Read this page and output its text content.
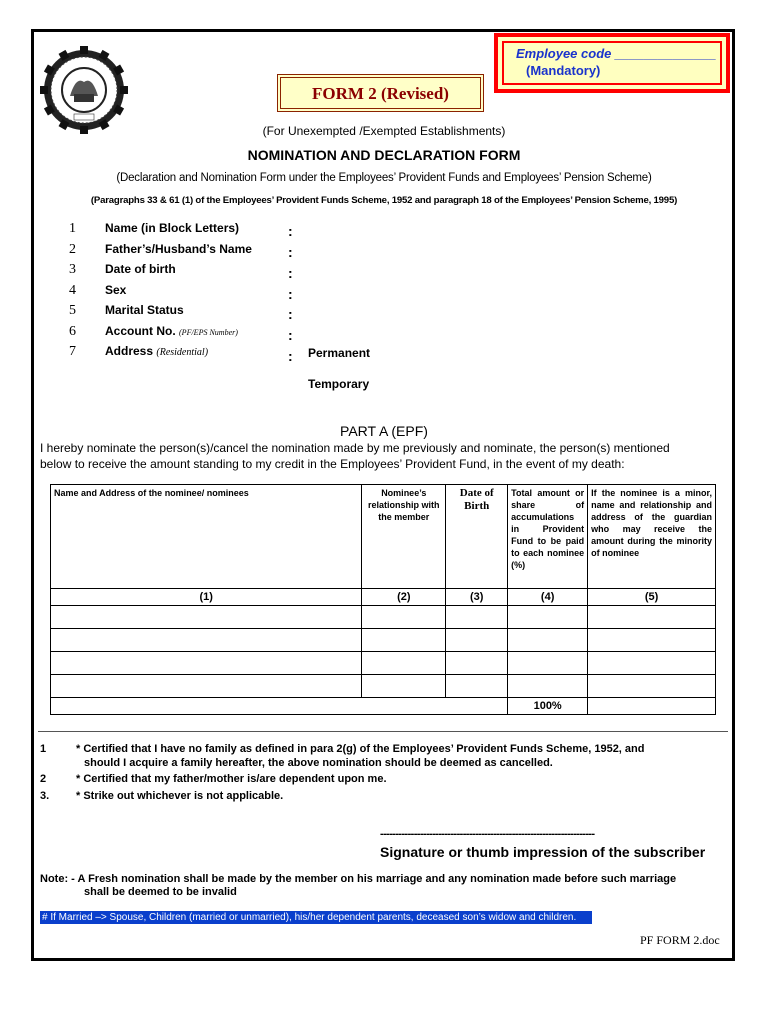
Employee code ______________
(Mandatory)
FORM 2 (Revised)
(For Unexempted /Exempted Establishments)
NOMINATION AND DECLARATION FORM
(Declaration and Nomination Form under the Employees’ Provident Funds and Employees’ Pension Scheme)
(Paragraphs 33 & 61 (1) of the Employees’ Provident Funds Scheme, 1952 and paragraph 18 of the Employees’ Pension Scheme, 1995)
1 Name (in Block Letters)	:
2 Father’s/Husband’s Name	:
3 Date of birth	:
4 Sex	:
5 Marital Status	:
6 Account No. (PF/EPS Number)	:
7 Address (Residential)	: Permanent
Temporary
PART A (EPF)
I hereby nominate the person(s)/cancel the nomination made by me previously and nominate, the person(s) mentioned
below to receive the amount standing to my credit in the Employees’ Provident Fund, in the event of my death:
Name and Address of the nominee/ nominees	Nominee’s relationship with the member	Date of Birth	Total amount or share of accumulations in Provident Fund to be paid to each nominee (%)	If the nominee is a minor, name and relationship and address of the guardian who may receive the amount during the minority of nominee
(1)	(2)	(3)	(4)	(5)

			100%	
1	* Certified that I have no family as defined in para 2(g) of the Employees’ Provident Funds Scheme, 1952, and
should I acquire a family hereafter, the above nomination should be deemed as cancelled.
2	* Certified that my father/mother is/are dependent upon me.
3. * Strike out whichever is not applicable.
----------------------------------------------------------------------
Signature or thumb impression of the subscriber
Note: - A Fresh nomination shall be made by the member on his marriage and any nomination made before such marriage
shall be deemed to be invalid
# If Married –> Spouse, Children (married or unmarried), his/her dependent parents, deceased son’s widow and children.
PF FORM 2.doc
